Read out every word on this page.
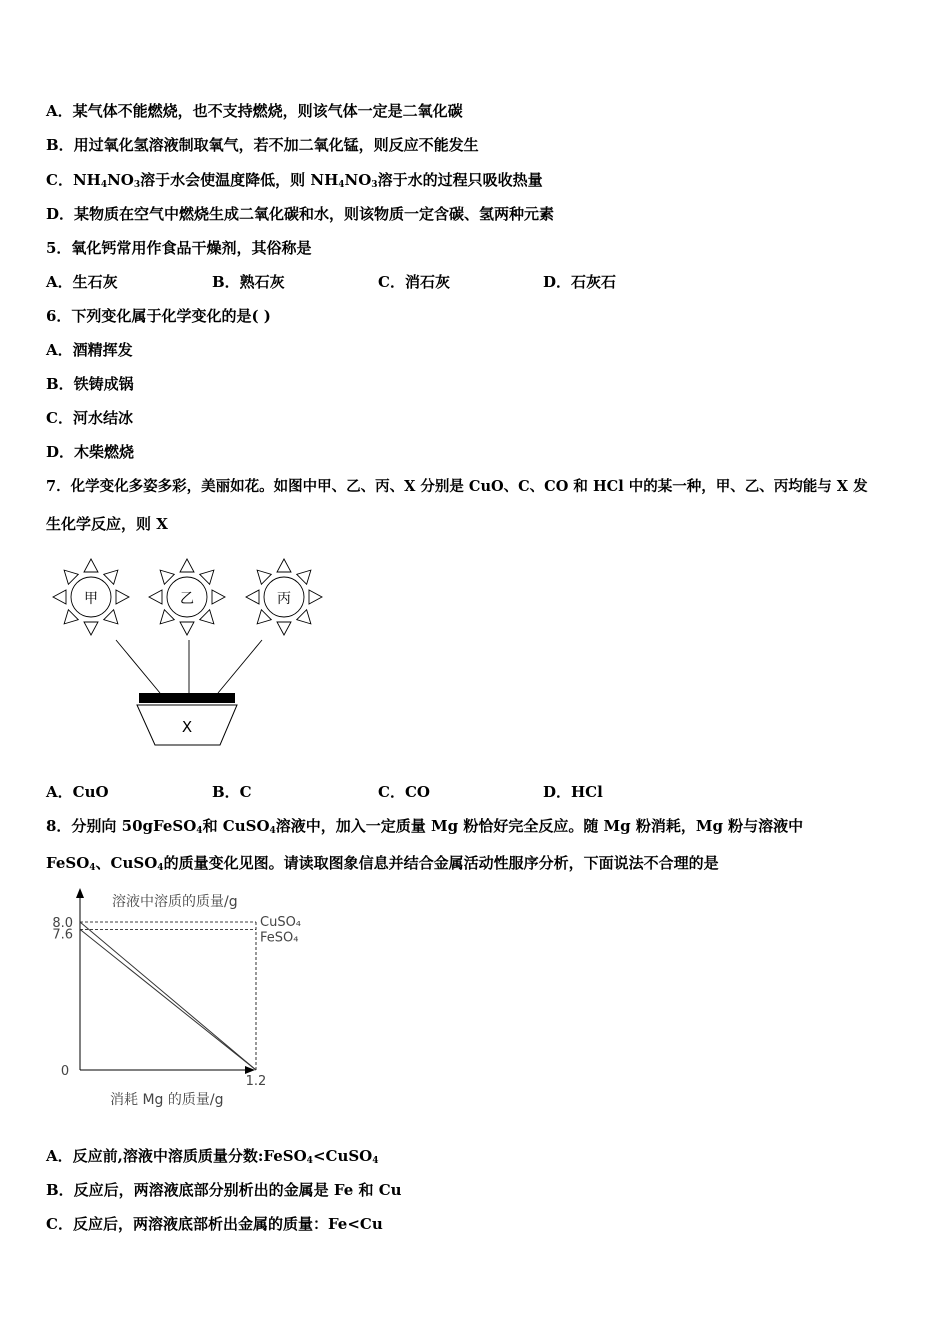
A．某气体不能燃烧，也不支持燃烧，则该气体一定是二氧化碳
B．用过氧化氢溶液制取氧气，若不加二氧化锰，则反应不能发生
C．$NH_4NO_3$溶于水会使温度降低，则 $NH_4NO_3$溶于水的过程只吸收热量
D．某物质在空气中燃烧生成二氧化碳和水，则该物质一定含碳、氢两种元素
5．氧化钙常用作食品干燥剂，其俗称是
A．生石灰	B．熟石灰	C．消石灰	D．石灰石
6．下列变化属于化学变化的是( )
A．酒精挥发
B．铁铸成锅
C．河水结冰
D．木柴燃烧
7．化学变化多姿多彩，美丽如花。如图中甲、乙、丙、X 分别是 CuO、C、CO 和 HCl 中的某一种，甲、乙、丙均能与 X 发
生化学反应，则 X
X
甲	乙	丙
A．CuO	B．C	C．CO	D．HCl
8．分别向 50gFeSO$_4$和 CuSO$_4$溶液中，加入一定质量 Mg 粉恰好完全反应。随 Mg 粉消耗，Mg 粉与溶液中
FeSO$_4$、CuSO$_4$的质量变化见图。请读取图象信息并结合金属活动性服序分析，下面说法不合理的是
溶液中溶质的质量/g
消耗 Mg 的质量/g
0
CuSO₄
FeSO₄
8.0
7.6
1.2
A．反应前,溶液中溶质质量分数:FeSO$_4$<CuSO$_4$
B．反应后，两溶液底部分别析出的金属是 Fe 和 Cu
C．反应后，两溶液底部析出金属的质量：Fe<Cu
